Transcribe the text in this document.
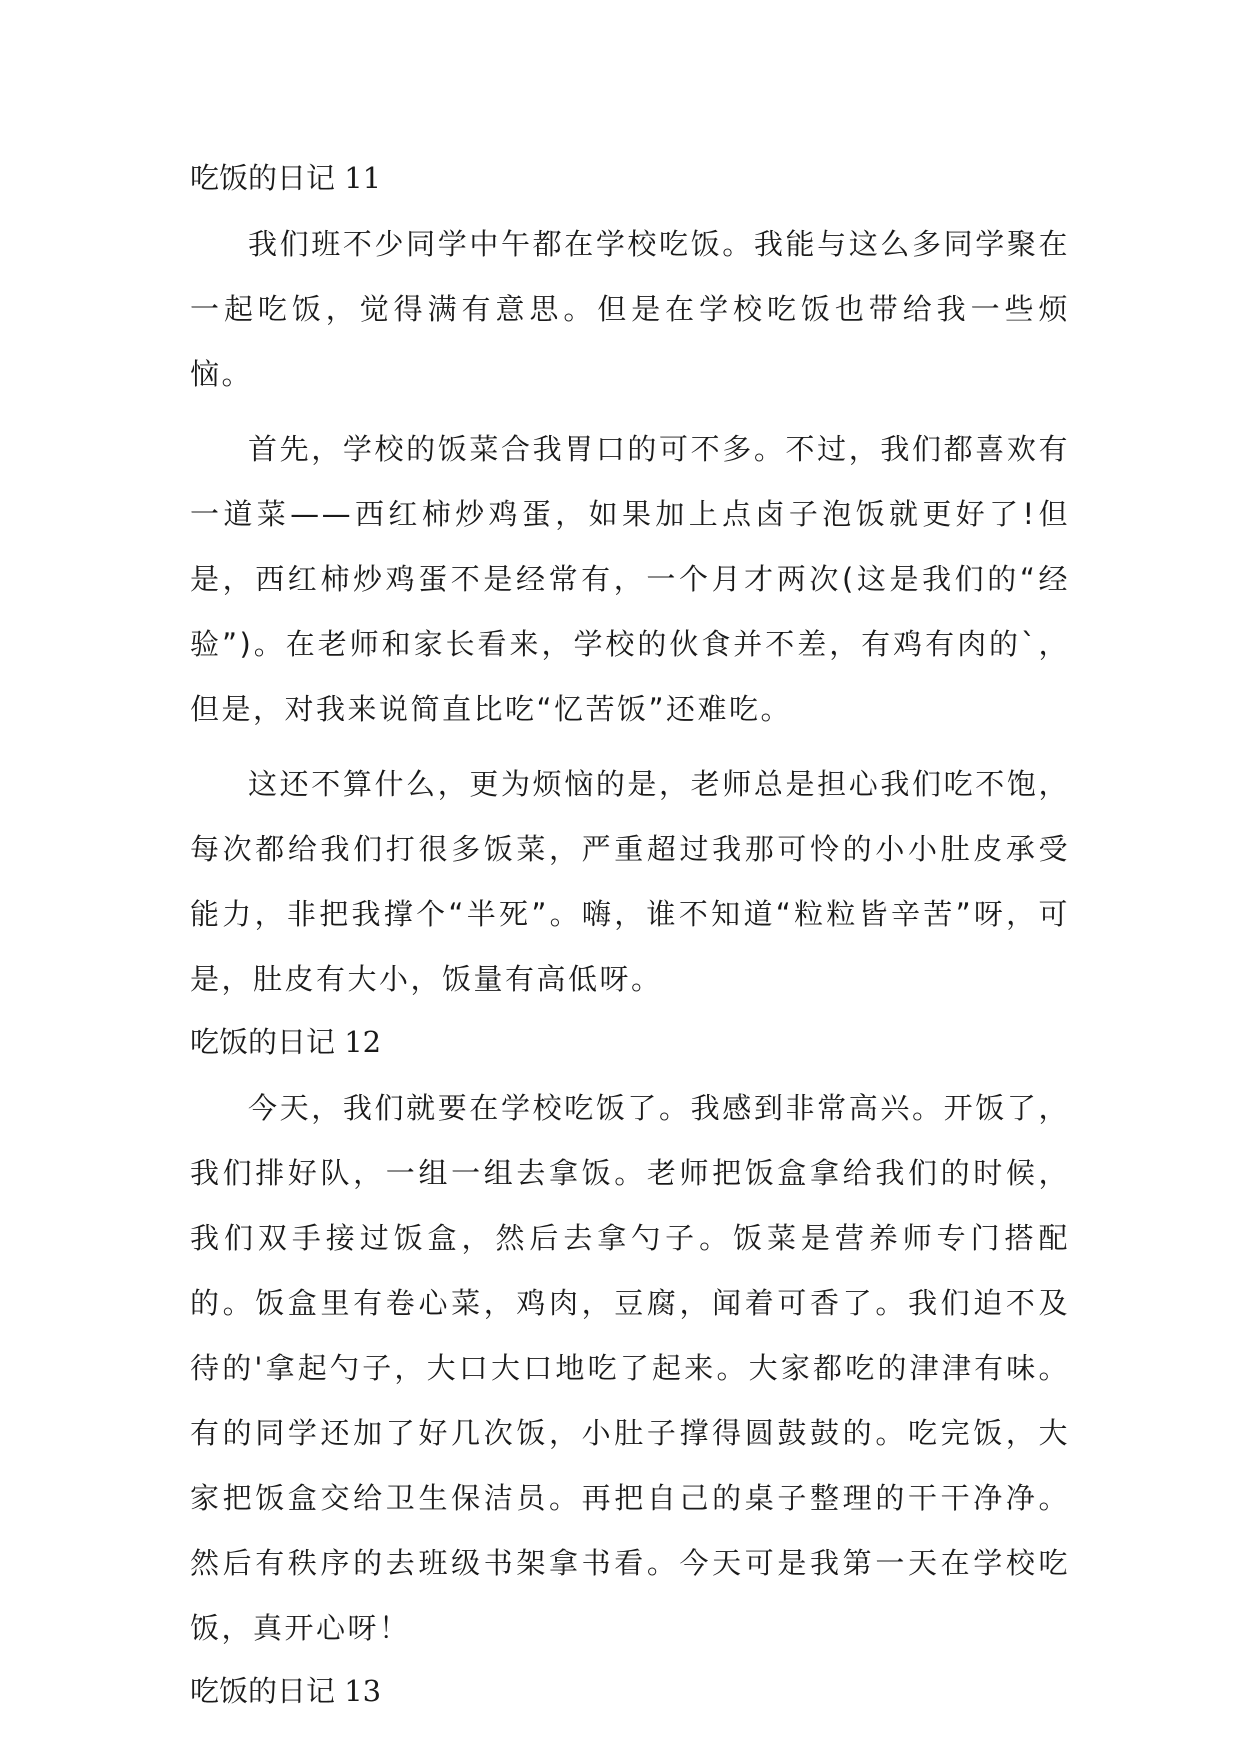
吃饭的日记 11

我们班不少同学中午都在学校吃饭。我能与这么多同学聚在一起吃饭，觉得满有意思。但是在学校吃饭也带给我一些烦恼。

首先，学校的饭菜合我胃口的可不多。不过，我们都喜欢有一道菜——西红柿炒鸡蛋，如果加上点卤子泡饭就更好了!但是，西红柿炒鸡蛋不是经常有，一个月才两次(这是我们的“经验”)。在老师和家长看来，学校的伙食并不差，有鸡有肉的`，但是，对我来说简直比吃“忆苦饭”还难吃。

这还不算什么，更为烦恼的是，老师总是担心我们吃不饱，每次都给我们打很多饭菜，严重超过我那可怜的小小肚皮承受能力，非把我撑个“半死”。嗨，谁不知道“粒粒皆辛苦”呀，可是，肚皮有大小，饭量有高低呀。

吃饭的日记 12

今天，我们就要在学校吃饭了。我感到非常高兴。开饭了，我们排好队，一组一组去拿饭。老师把饭盒拿给我们的时候，我们双手接过饭盒，然后去拿勺子。饭菜是营养师专门搭配的。饭盒里有卷心菜，鸡肉，豆腐，闻着可香了。我们迫不及待的'拿起勺子，大口大口地吃了起来。大家都吃的津津有味。有的同学还加了好几次饭，小肚子撑得圆鼓鼓的。吃完饭，大家把饭盒交给卫生保洁员。再把自己的桌子整理的干干净净。然后有秩序的去班级书架拿书看。今天可是我第一天在学校吃饭，真开心呀！

吃饭的日记 13
